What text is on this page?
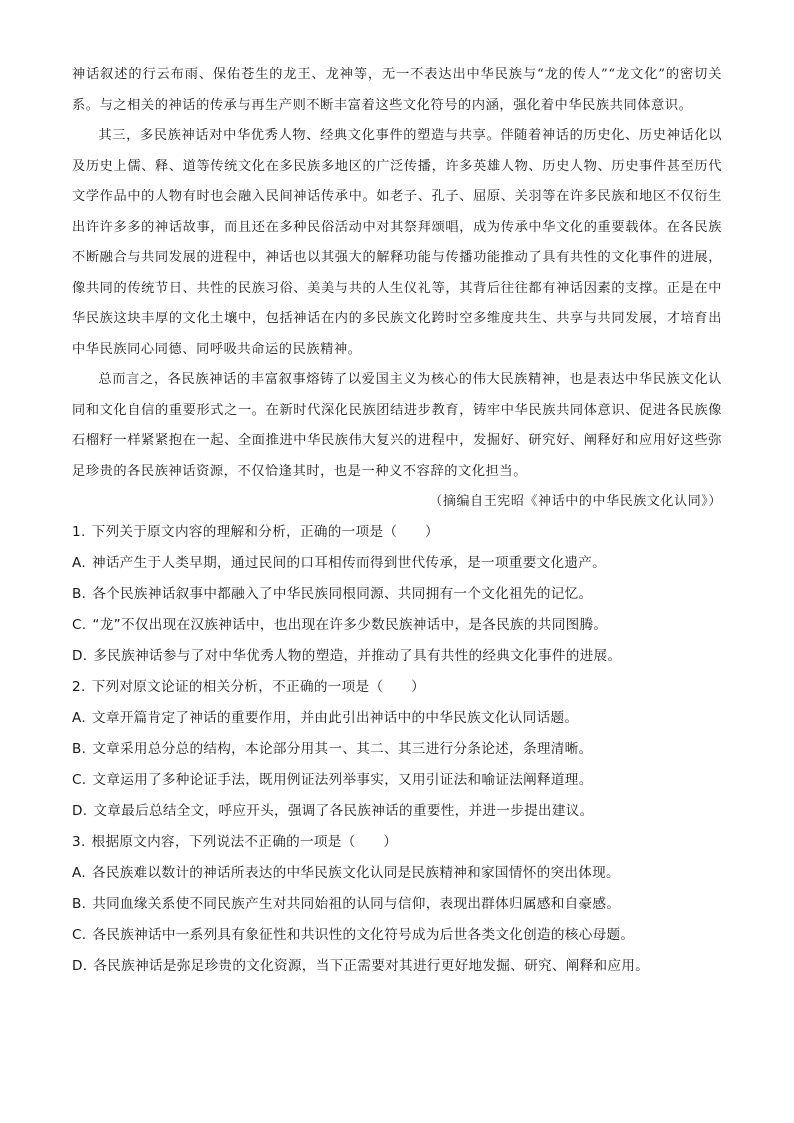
神话叙述的行云布雨、保佑苍生的龙王、龙神等，无一不表达出中华民族与“龙的传人”“龙文化”的密切关系。与之相关的神话的传承与再生产则不断丰富着这些文化符号的内涵，强化着中华民族共同体意识。

其三，多民族神话对中华优秀人物、经典文化事件的塑造与共享。伴随着神话的历史化、历史神话化以及历史上儒、释、道等传统文化在多民族多地区的广泛传播，许多英雄人物、历史人物、历史事件甚至历代文学作品中的人物有时也会融入民间神话传承中。如老子、孔子、屈原、关羽等在许多民族和地区不仅衍生出许许多多的神话故事，而且还在多种民俗活动中对其祭拜颂唱，成为传承中华文化的重要载体。在各民族不断融合与共同发展的进程中，神话也以其强大的解释功能与传播功能推动了具有共性的文化事件的进展，像共同的传统节日、共性的民族习俗、美美与共的人生仪礼等，其背后往往都有神话因素的支撑。正是在中华民族这块丰厚的文化土壤中，包括神话在内的多民族文化跨时空多维度共生、共享与共同发展，才培育出中华民族同心同德、同呼吸共命运的民族精神。

总而言之，各民族神话的丰富叙事熔铸了以爱国主义为核心的伟大民族精神，也是表达中华民族文化认同和文化自信的重要形式之一。在新时代深化民族团结进步教育，铸牢中华民族共同体意识、促进各民族像石榴籽一样紧紧抱在一起、全面推进中华民族伟大复兴的进程中，发掘好、研究好、阐释好和应用好这些弥足珍贵的各民族神话资源，不仅恰逢其时，也是一种义不容辞的文化担当。

（摘编自王宪昭《神话中的中华民族文化认同》）

1. 下列关于原文内容的理解和分析，正确的一项是（　　）

A. 神话产生于人类早期，通过民间的口耳相传而得到世代传承，是一项重要文化遗产。

B. 各个民族神话叙事中都融入了中华民族同根同源、共同拥有一个文化祖先的记忆。

C. “龙”不仅出现在汉族神话中，也出现在许多少数民族神话中，是各民族的共同图腾。

D. 多民族神话参与了对中华优秀人物的塑造，并推动了具有共性的经典文化事件的进展。

2. 下列对原文论证的相关分析，不正确的一项是（　　）

A. 文章开篇肯定了神话的重要作用，并由此引出神话中的中华民族文化认同话题。

B. 文章采用总分总的结构，本论部分用其一、其二、其三进行分条论述，条理清晰。

C. 文章运用了多种论证手法，既用例证法列举事实，又用引证法和喻证法阐释道理。

D. 文章最后总结全文，呼应开头，强调了各民族神话的重要性，并进一步提出建议。

3. 根据原文内容，下列说法不正确的一项是（　　）

A. 各民族难以数计的神话所表达的中华民族文化认同是民族精神和家国情怀的突出体现。

B. 共同血缘关系使不同民族产生对共同始祖的认同与信仰，表现出群体归属感和自豪感。

C. 各民族神话中一系列具有象征性和共识性的文化符号成为后世各类文化创造的核心母题。

D. 各民族神话是弥足珍贵的文化资源，当下正需要对其进行更好地发掘、研究、阐释和应用。
